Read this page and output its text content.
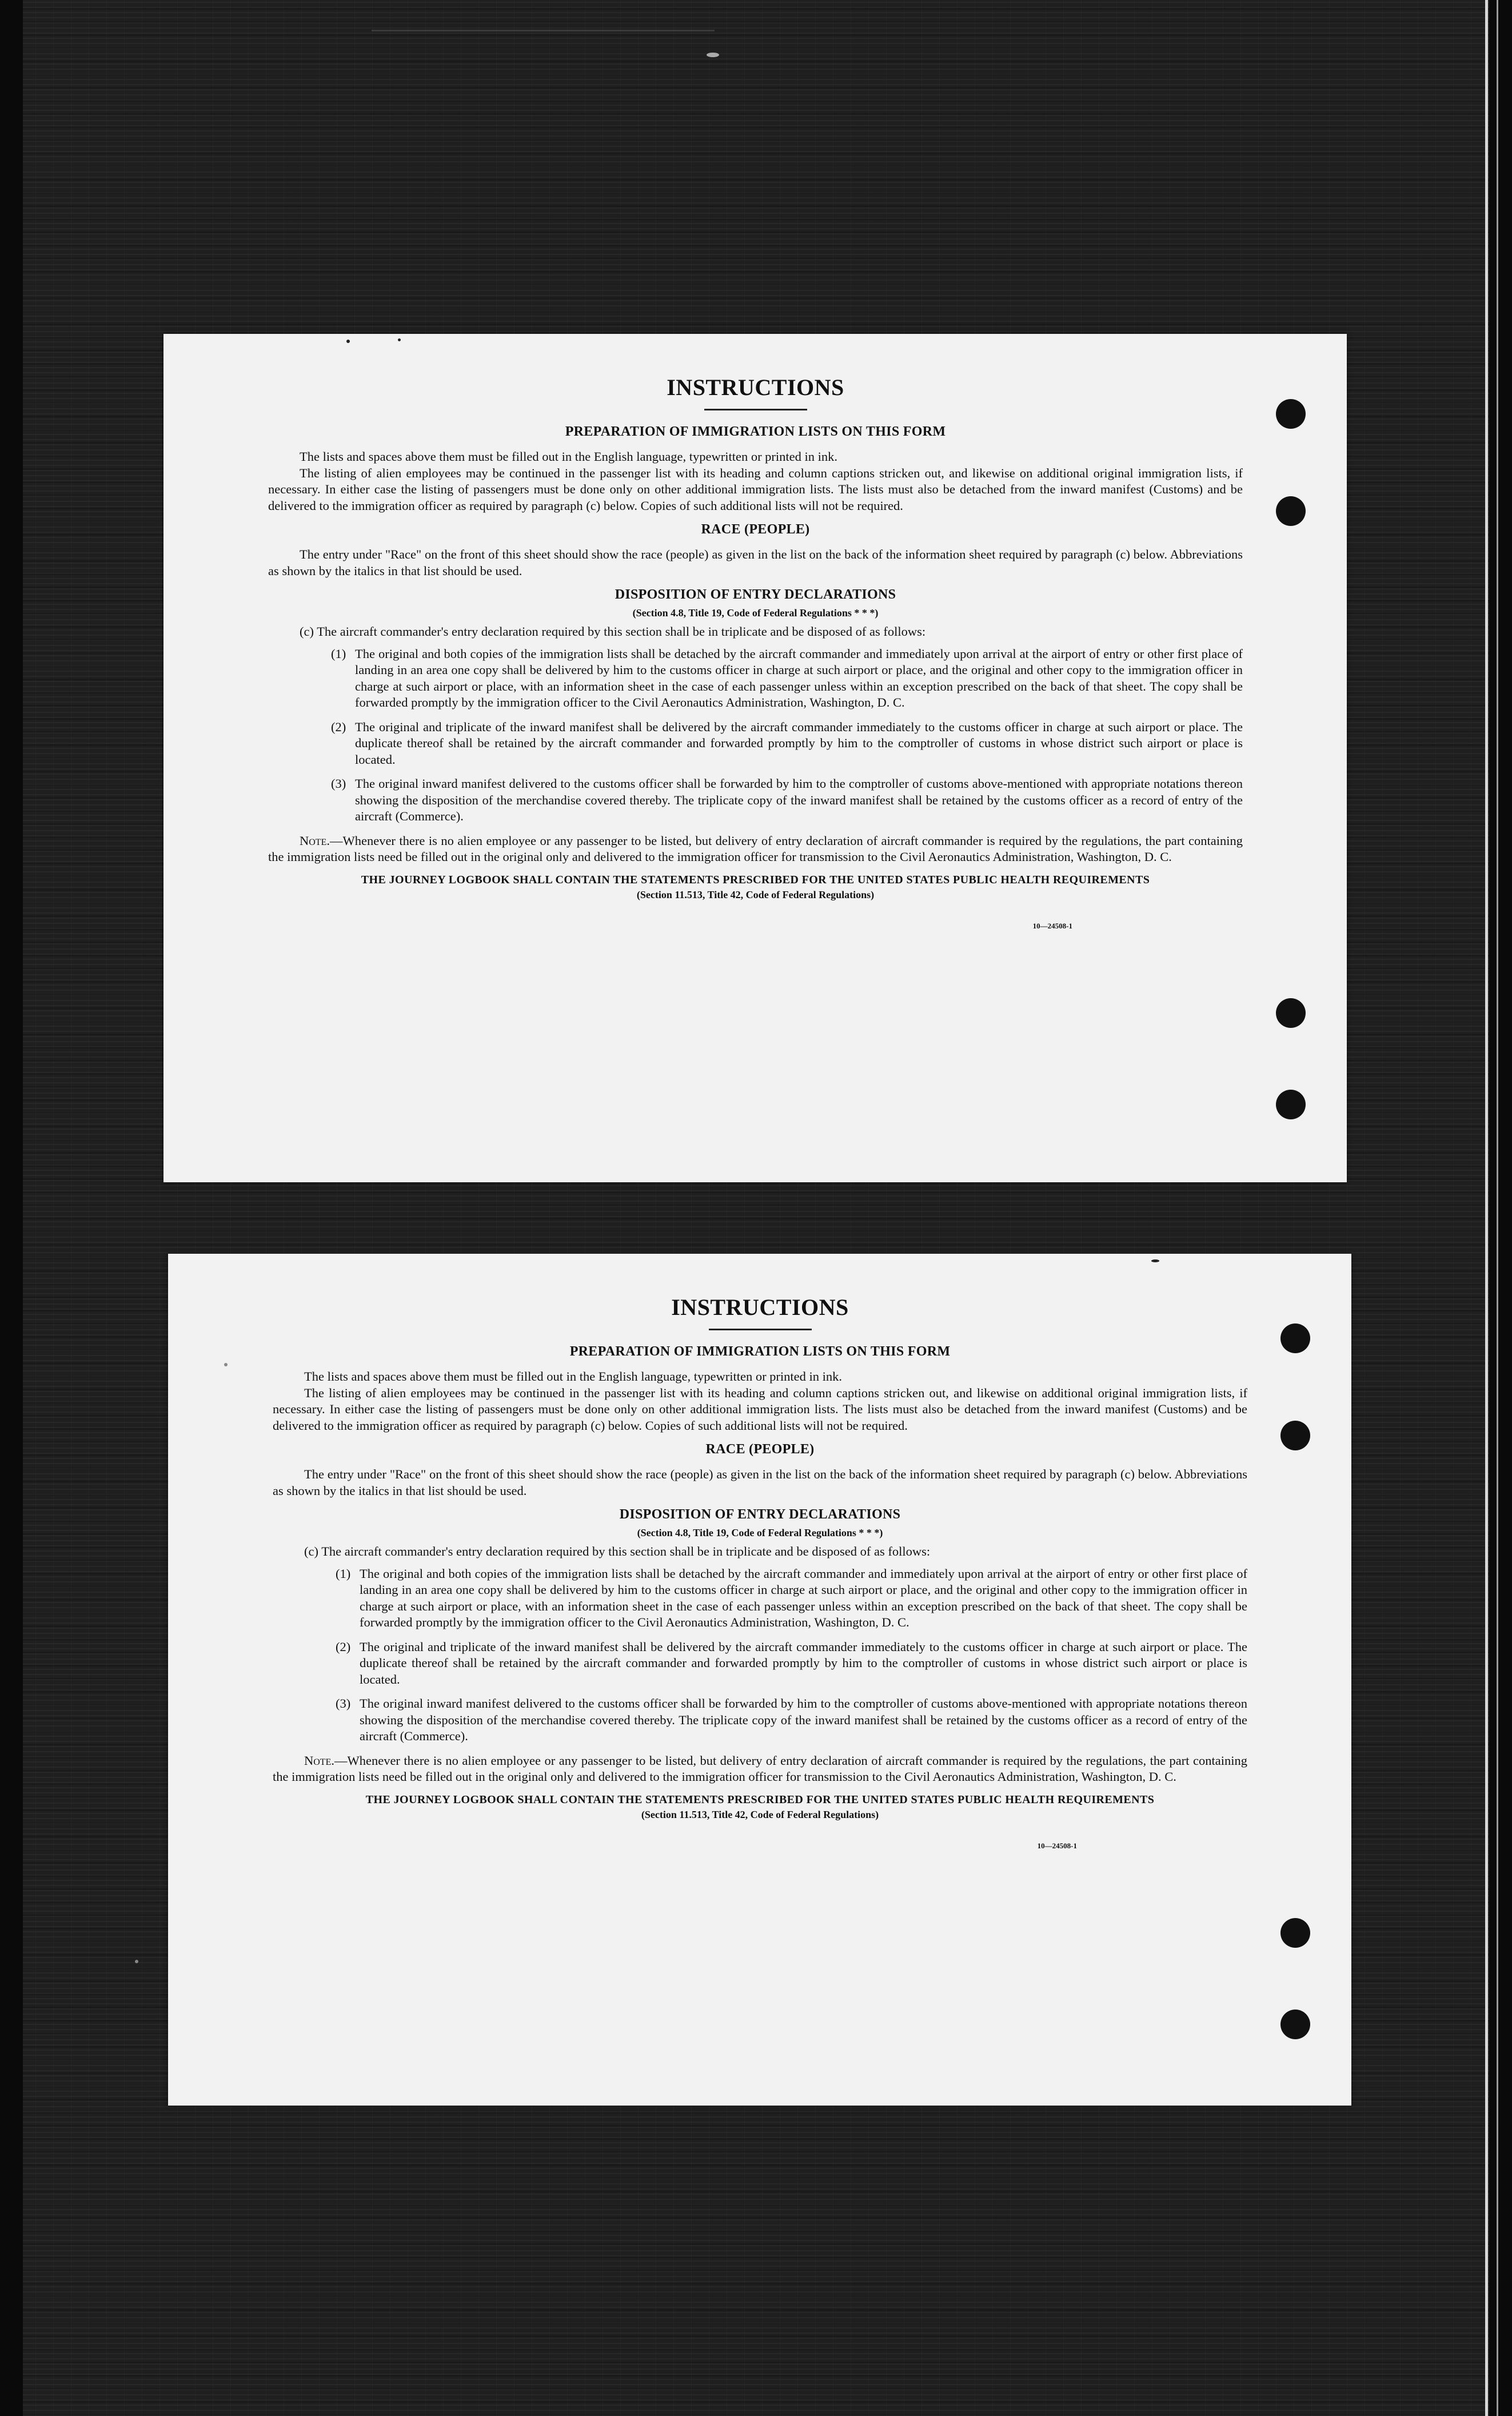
INSTRUCTIONS
PREPARATION OF IMMIGRATION LISTS ON THIS FORM

The lists and spaces above them must be filled out in the English language, typewritten or printed in ink.

The listing of alien employees may be continued in the passenger list with its heading and column captions stricken out, and likewise on additional original immigration lists, if necessary. In either case the listing of passengers must be done only on other additional immigration lists. The lists must also be detached from the inward manifest (Customs) and be delivered to the immigration officer as required by paragraph (c) below. Copies of such additional lists will not be required.

RACE (PEOPLE)

The entry under "Race" on the front of this sheet should show the race (people) as given in the list on the back of the information sheet required by paragraph (c) below. Abbreviations as shown by the italics in that list should be used.

DISPOSITION OF ENTRY DECLARATIONS
(Section 4.8, Title 19, Code of Federal Regulations * * *)

(c) The aircraft commander's entry declaration required by this section shall be in triplicate and be disposed of as follows:

(1) The original and both copies of the immigration lists shall be detached by the aircraft commander and immediately upon arrival at the airport of entry or other first place of landing in an area one copy shall be delivered by him to the customs officer in charge at such airport or place, and the original and other copy to the immigration officer in charge at such airport or place, with an information sheet in the case of each passenger unless within an exception prescribed on the back of that sheet. The copy shall be forwarded promptly by the immigration officer to the Civil Aeronautics Administration, Washington, D. C.
(2) The original and triplicate of the inward manifest shall be delivered by the aircraft commander immediately to the customs officer in charge at such airport or place. The duplicate thereof shall be retained by the aircraft commander and forwarded promptly by him to the comptroller of customs in whose district such airport or place is located.
(3) The original inward manifest delivered to the customs officer shall be forwarded by him to the comptroller of customs above-mentioned with appropriate notations thereon showing the disposition of the merchandise covered thereby. The triplicate copy of the inward manifest shall be retained by the customs officer as a record of entry of the aircraft (Commerce).

Note.—Whenever there is no alien employee or any passenger to be listed, but delivery of entry declaration of aircraft commander is required by the regulations, the part containing the immigration lists need be filled out in the original only and delivered to the immigration officer for transmission to the Civil Aeronautics Administration, Washington, D. C.

THE JOURNEY LOGBOOK SHALL CONTAIN THE STATEMENTS PRESCRIBED FOR THE UNITED STATES PUBLIC HEALTH REQUIREMENTS
(Section 11.513, Title 42, Code of Federal Regulations)
10—24508-1
INSTRUCTIONS
PREPARATION OF IMMIGRATION LISTS ON THIS FORM

The lists and spaces above them must be filled out in the English language, typewritten or printed in ink.

The listing of alien employees may be continued in the passenger list with its heading and column captions stricken out, and likewise on additional original immigration lists, if necessary. In either case the listing of passengers must be done only on other additional immigration lists. The lists must also be detached from the inward manifest (Customs) and be delivered to the immigration officer as required by paragraph (c) below. Copies of such additional lists will not be required.

RACE (PEOPLE)

The entry under "Race" on the front of this sheet should show the race (people) as given in the list on the back of the information sheet required by paragraph (c) below. Abbreviations as shown by the italics in that list should be used.

DISPOSITION OF ENTRY DECLARATIONS
(Section 4.8, Title 19, Code of Federal Regulations * * *)

(c) The aircraft commander's entry declaration required by this section shall be in triplicate and be disposed of as follows:

(1) The original and both copies of the immigration lists shall be detached by the aircraft commander and immediately upon arrival at the airport of entry or other first place of landing in an area one copy shall be delivered by him to the customs officer in charge at such airport or place, and the original and other copy to the immigration officer in charge at such airport or place, with an information sheet in the case of each passenger unless within an exception prescribed on the back of that sheet. The copy shall be forwarded promptly by the immigration officer to the Civil Aeronautics Administration, Washington, D. C.
(2) The original and triplicate of the inward manifest shall be delivered by the aircraft commander immediately to the customs officer in charge at such airport or place. The duplicate thereof shall be retained by the aircraft commander and forwarded promptly by him to the comptroller of customs in whose district such airport or place is located.
(3) The original inward manifest delivered to the customs officer shall be forwarded by him to the comptroller of customs above-mentioned with appropriate notations thereon showing the disposition of the merchandise covered thereby. The triplicate copy of the inward manifest shall be retained by the customs officer as a record of entry of the aircraft (Commerce).

Note.—Whenever there is no alien employee or any passenger to be listed, but delivery of entry declaration of aircraft commander is required by the regulations, the part containing the immigration lists need be filled out in the original only and delivered to the immigration officer for transmission to the Civil Aeronautics Administration, Washington, D. C.

THE JOURNEY LOGBOOK SHALL CONTAIN THE STATEMENTS PRESCRIBED FOR THE UNITED STATES PUBLIC HEALTH REQUIREMENTS
(Section 11.513, Title 42, Code of Federal Regulations)
10—24508-1
